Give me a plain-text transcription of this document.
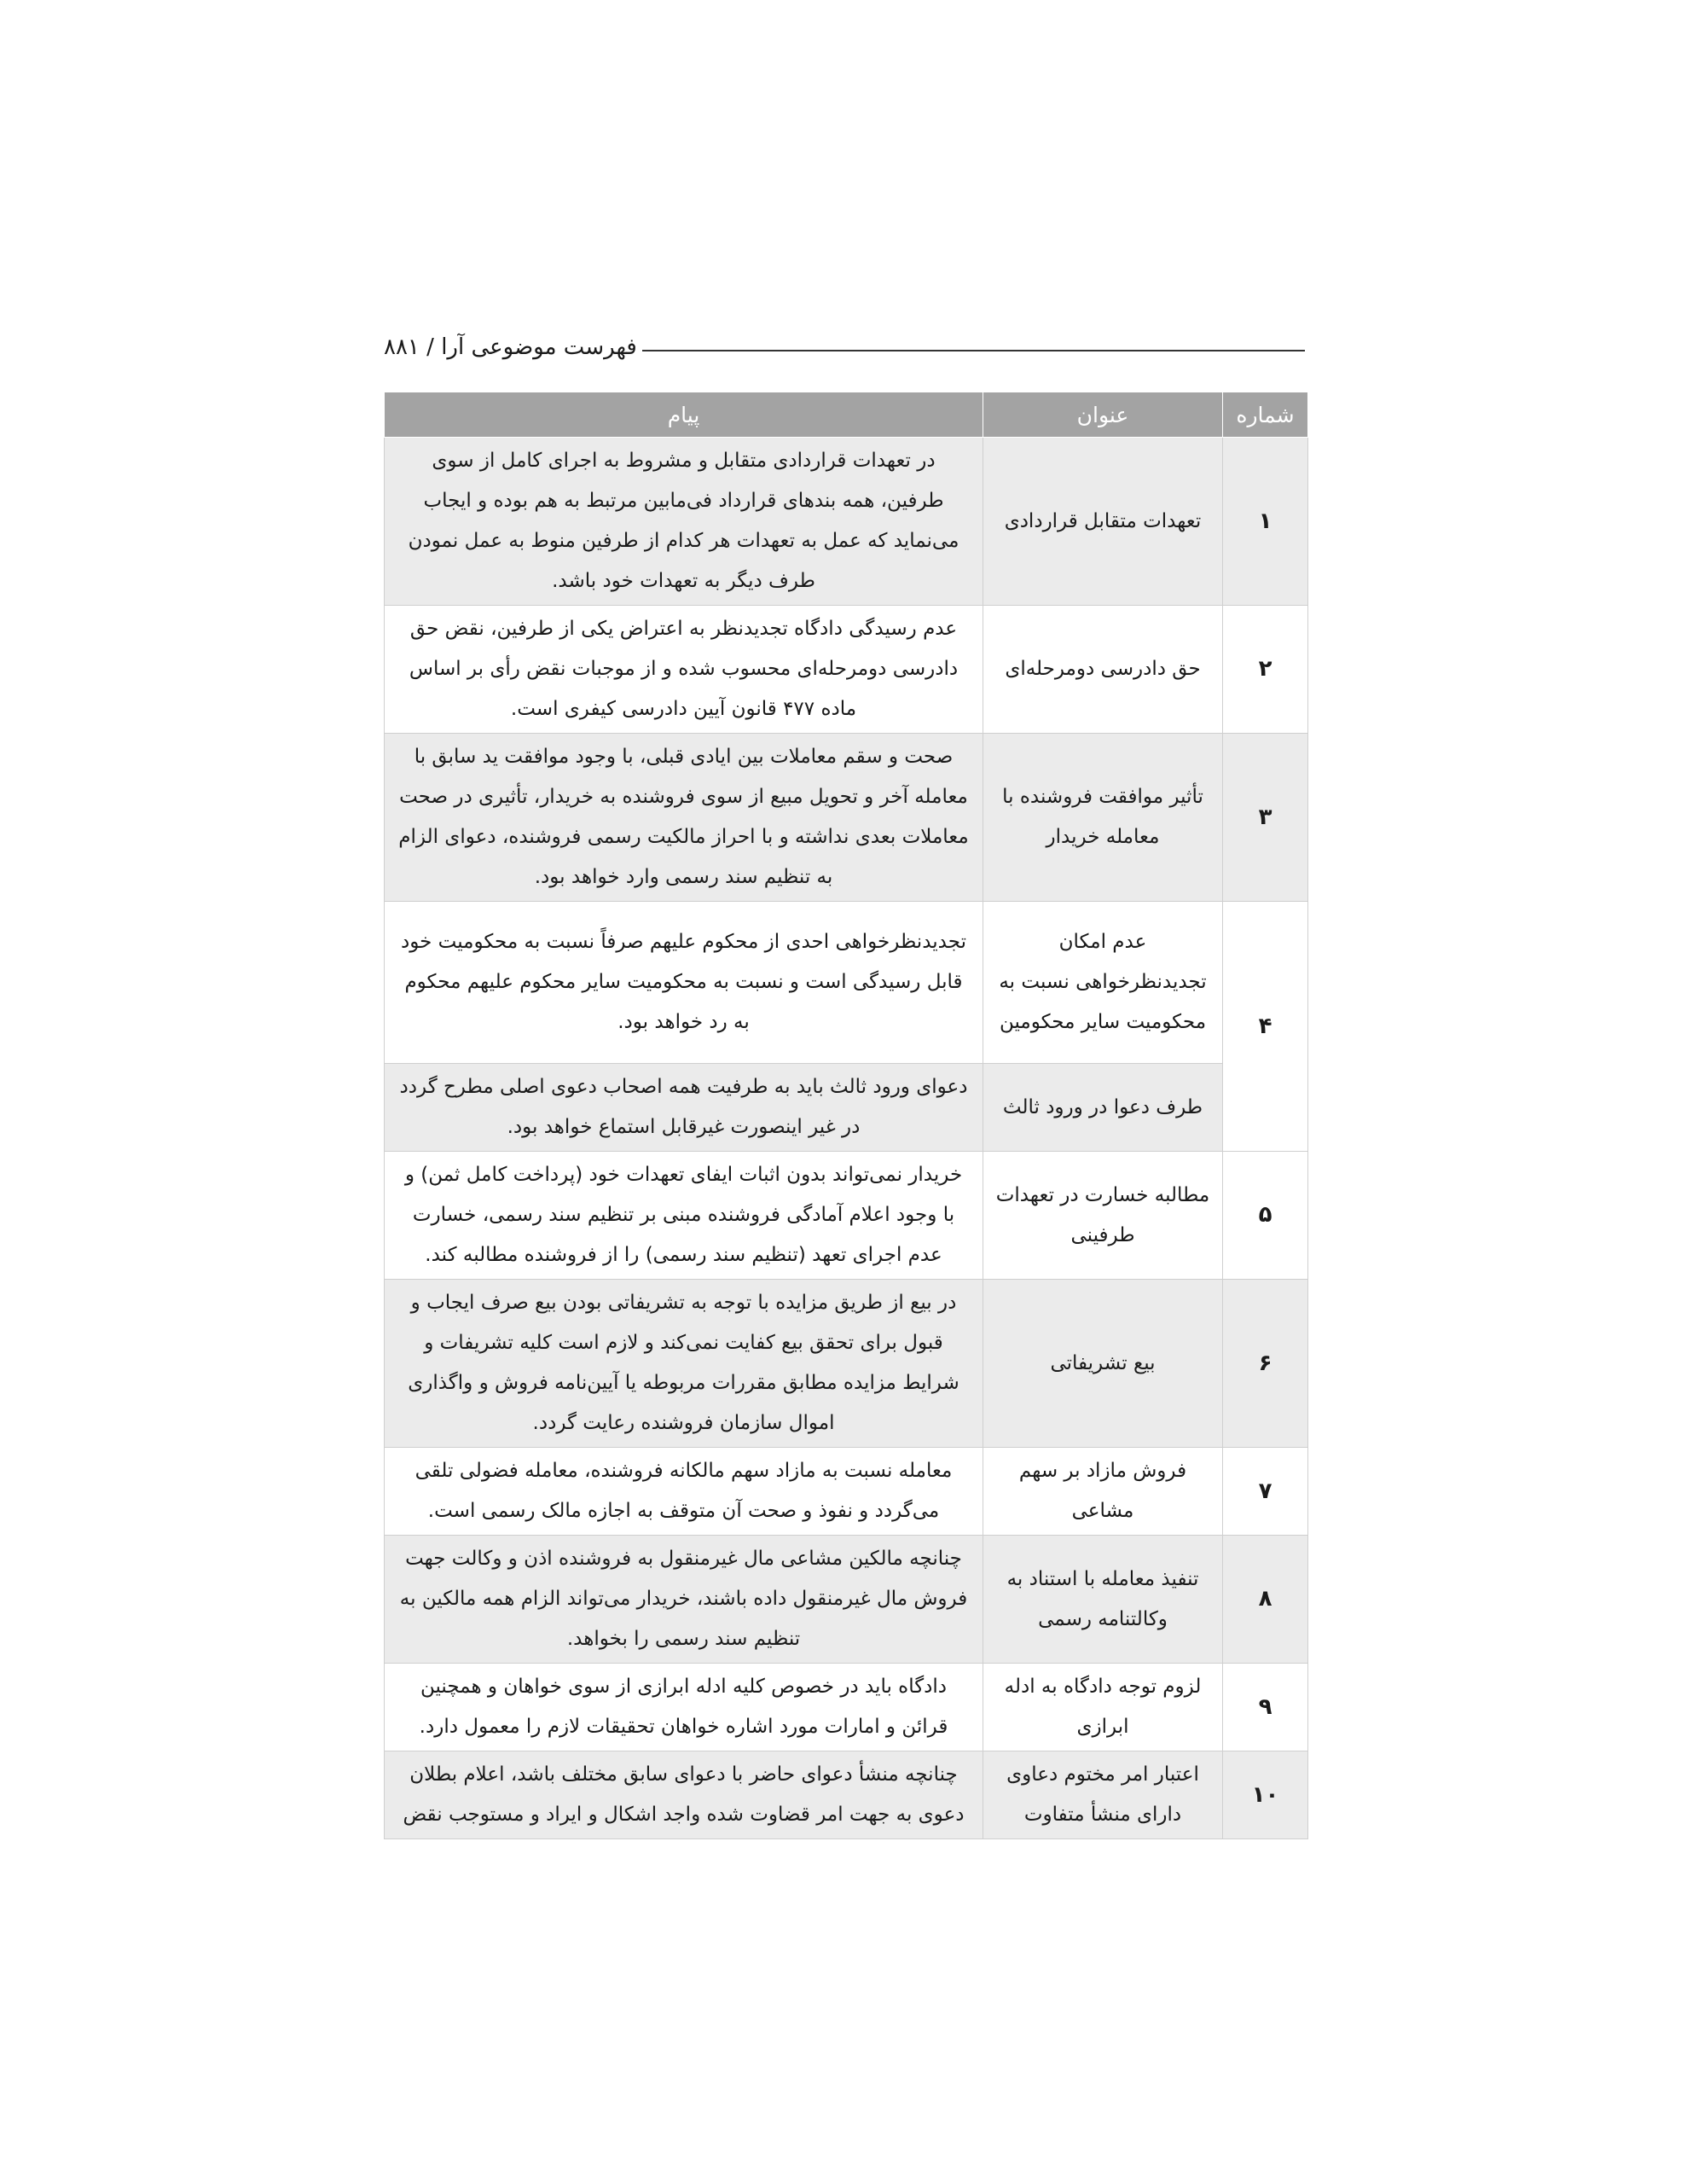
فهرست موضوعی آرا / ۸۸۱
شماره	عنوان	پیام
۱	تعهدات متقابل قراردادی	در تعهدات قراردادی متقابل و مشروط به اجرای کامل از سوی طرفین، همه بندهای قرارداد فی‌مابین مرتبط به هم بوده و ایجاب می‌نماید که عمل به تعهدات هر کدام از طرفین منوط به عمل نمودن طرف دیگر به تعهدات خود باشد.
۲	حق دادرسی دومرحله‌ای	عدم رسیدگی دادگاه تجدیدنظر به اعتراض یکی از طرفین، نقض حق دادرسی دومرحله‌ای محسوب شده و از موجبات نقض رأی بر اساس ماده ۴۷۷ قانون آیین دادرسی کیفری است.
۳	تأثیر موافقت فروشنده با معامله خریدار	صحت و سقم معاملات بین ایادی قبلی، با وجود موافقت ید سابق با معامله آخر و تحویل مبیع از سوی فروشنده به خریدار، تأثیری در صحت معاملات بعدی نداشته و با احراز مالکیت رسمی فروشنده، دعوای الزام به تنظیم سند رسمی وارد خواهد بود.
۴	عدم امکان تجدیدنظرخواهی نسبت به محکومیت سایر محکومین	تجدیدنظرخواهی احدی از محکوم علیهم صرفاً نسبت به محکومیت خود قابل رسیدگی است و نسبت به محکومیت سایر محکوم علیهم محکوم به رد خواهد بود.
	طرف دعوا در ورود ثالث	دعوای ورود ثالث باید به طرفیت همه اصحاب دعوی اصلی مطرح گردد در غیر اینصورت غیرقابل استماع خواهد بود.
۵	مطالبه خسارت در تعهدات طرفینی	خریدار نمی‌تواند بدون اثبات ایفای تعهدات خود (پرداخت کامل ثمن) و با وجود اعلام آمادگی فروشنده مبنی بر تنظیم سند رسمی، خسارت عدم اجرای تعهد (تنظیم سند رسمی) را از فروشنده مطالبه کند.
۶	بیع تشریفاتی	در بیع از طریق مزایده با توجه به تشریفاتی بودن بیع صرف ایجاب و قبول برای تحقق بیع کفایت نمی‌کند و لازم است کلیه تشریفات و شرایط مزایده مطابق مقررات مربوطه یا آیین‌نامه فروش و واگذاری اموال سازمان فروشنده رعایت گردد.
۷	فروش مازاد بر سهم مشاعی	معامله نسبت به مازاد سهم مالکانه فروشنده، معامله فضولی تلقی می‌گردد و نفوذ و صحت آن متوقف به اجازه مالک رسمی است.
۸	تنفیذ معامله با استناد به وکالتنامه رسمی	چنانچه مالکین مشاعی مال غیرمنقول به فروشنده اذن و وکالت جهت فروش مال غیرمنقول داده باشند، خریدار می‌تواند الزام همه مالکین به تنظیم سند رسمی را بخواهد.
۹	لزوم توجه دادگاه به ادله ابرازی	دادگاه باید در خصوص کلیه ادله ابرازی از سوی خواهان و همچنین قرائن و امارات مورد اشاره خواهان تحقیقات لازم را معمول دارد.
۱۰	اعتبار امر مختوم دعاوی دارای منشأ متفاوت	چنانچه منشأ دعوای حاضر با دعوای سابق مختلف باشد، اعلام بطلان دعوی به جهت امر قضاوت شده واجد اشکال و ایراد و مستوجب نقض
